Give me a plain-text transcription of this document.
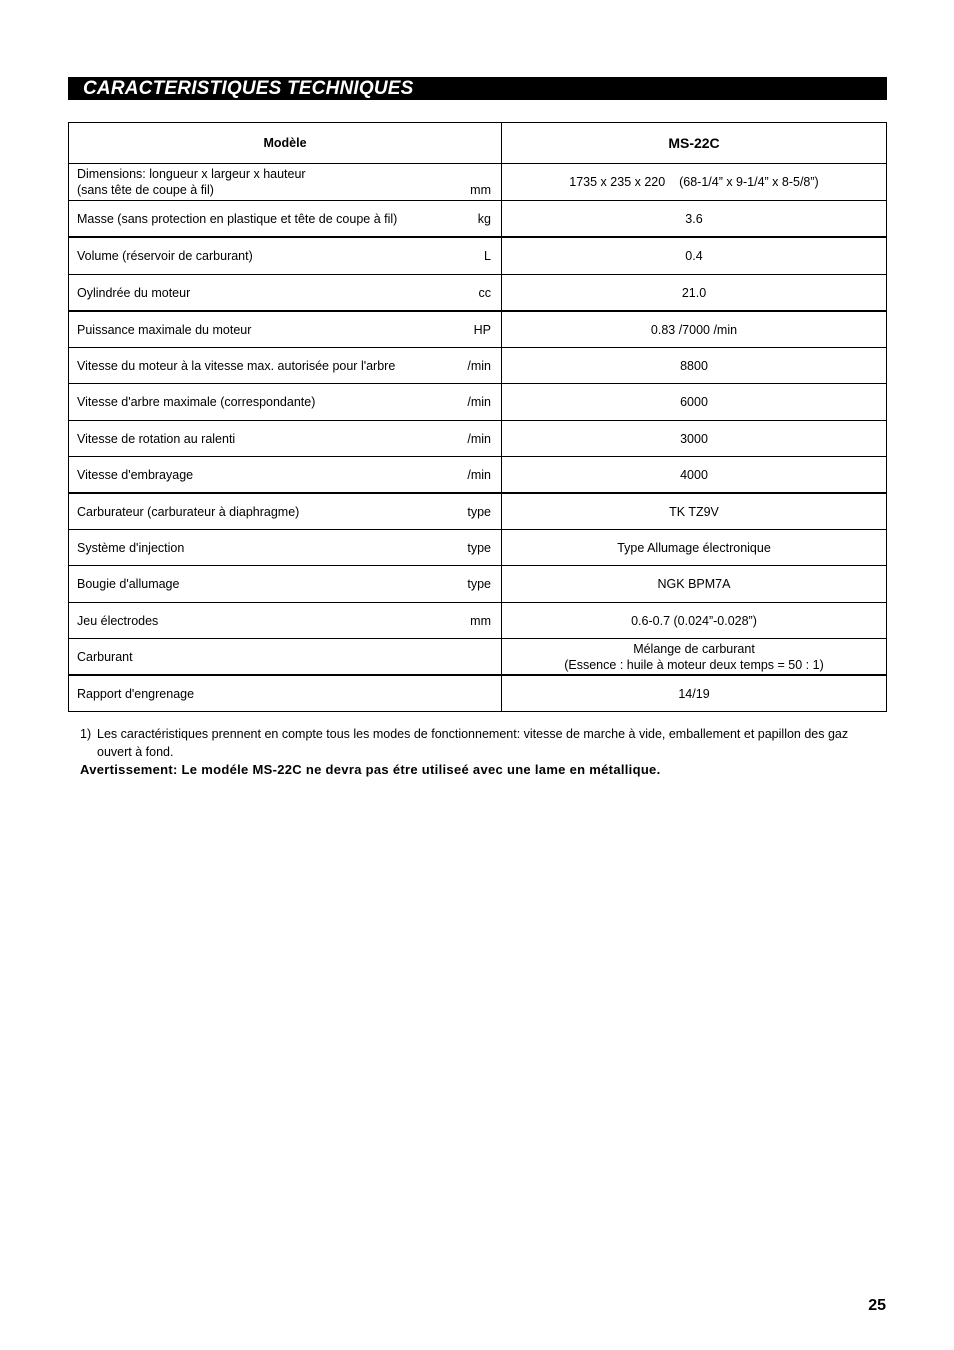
CARACTERISTIQUES TECHNIQUES
Modèle	MS-22C

Dimensions: longueur x largeur x hauteur
(sans tête de coupe à fil) mm	1735 x 235 x 220    (68-1/4” x 9-1/4” x 8-5/8”)

Masse (sans protection en plastique et tête de coupe à fil) kg	3.6

Volume (réservoir de carburant) L	0.4

Oylindrée du moteur cc	21.0

Puissance maximale du moteur HP	0.83 /7000 /min

Vitesse du moteur à la vitesse max. autorisée pour l'arbre /min	8800

Vitesse d'arbre maximale (correspondante) /min	6000

Vitesse de rotation au ralenti /min	3000

Vitesse d'embrayage /min	4000

Carburateur (carburateur à diaphragme) type	TK TZ9V

Système d'injection type	Type Allumage électronique

Bougie d'allumage type	NGK BPM7A

Jeu électrodes mm	0.6-0.7 (0.024”-0.028”)

Carburant	Mélange de carburant
(Essence : huile à moteur deux temps = 50 : 1)

Rapport d'engrenage	14/19
1) Les caractéristiques prennent en compte tous les modes de fonctionnement: vitesse de marche à vide, emballement et papillon des gaz ouvert à fond.
Avertissement: Le modéle MS-22C ne devra pas étre utiliseé avec une lame en métallique.
25
